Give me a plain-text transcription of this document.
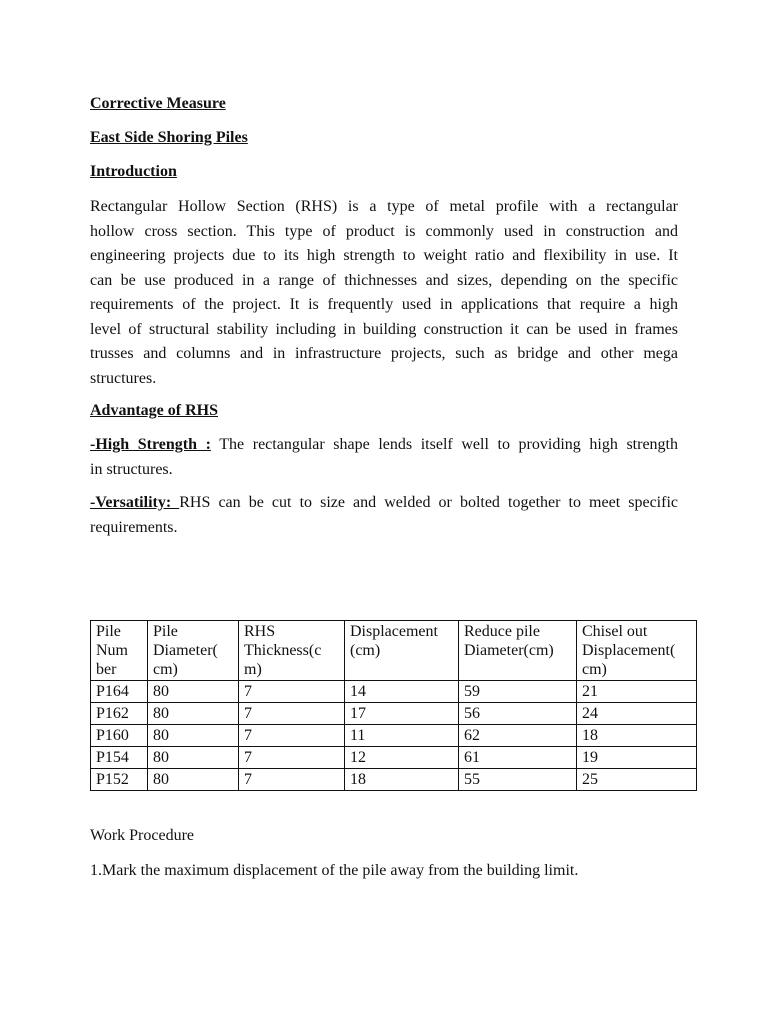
Corrective Measure

East Side Shoring Piles

Introduction

Rectangular Hollow Section (RHS) is a type of metal profile with a rectangular
hollow cross section. This type of product is commonly used in construction and
engineering projects due to its high strength to weight ratio and flexibility in use. It
can be use produced in a range of thichnesses and sizes, depending on the specific
requirements of the project. It is frequently used in applications that require a high
level of structural stability including in building construction it can be used in frames
trusses and columns and in infrastructure projects, such as bridge and other mega
structures.

Advantage of RHS

-High Strength : The rectangular shape lends itself well to providing high strength
in structures.
-Versatility: RHS can be cut to size and welded or bolted together to meet specific
requirements.
Pile
Num
ber	Pile
Diameter(
cm)	RHS
Thickness(c
m)	Displacement
(cm)	Reduce pile
Diameter(cm)	Chisel out
Displacement(
cm)
P164	80	7	14	59	21
P162	80	7	17	56	24
P160	80	7	11	62	18
P154	80	7	12	61	19
P152	80	7	18	55	25

Work Procedure

1.Mark the maximum displacement of the pile away from the building limit.
